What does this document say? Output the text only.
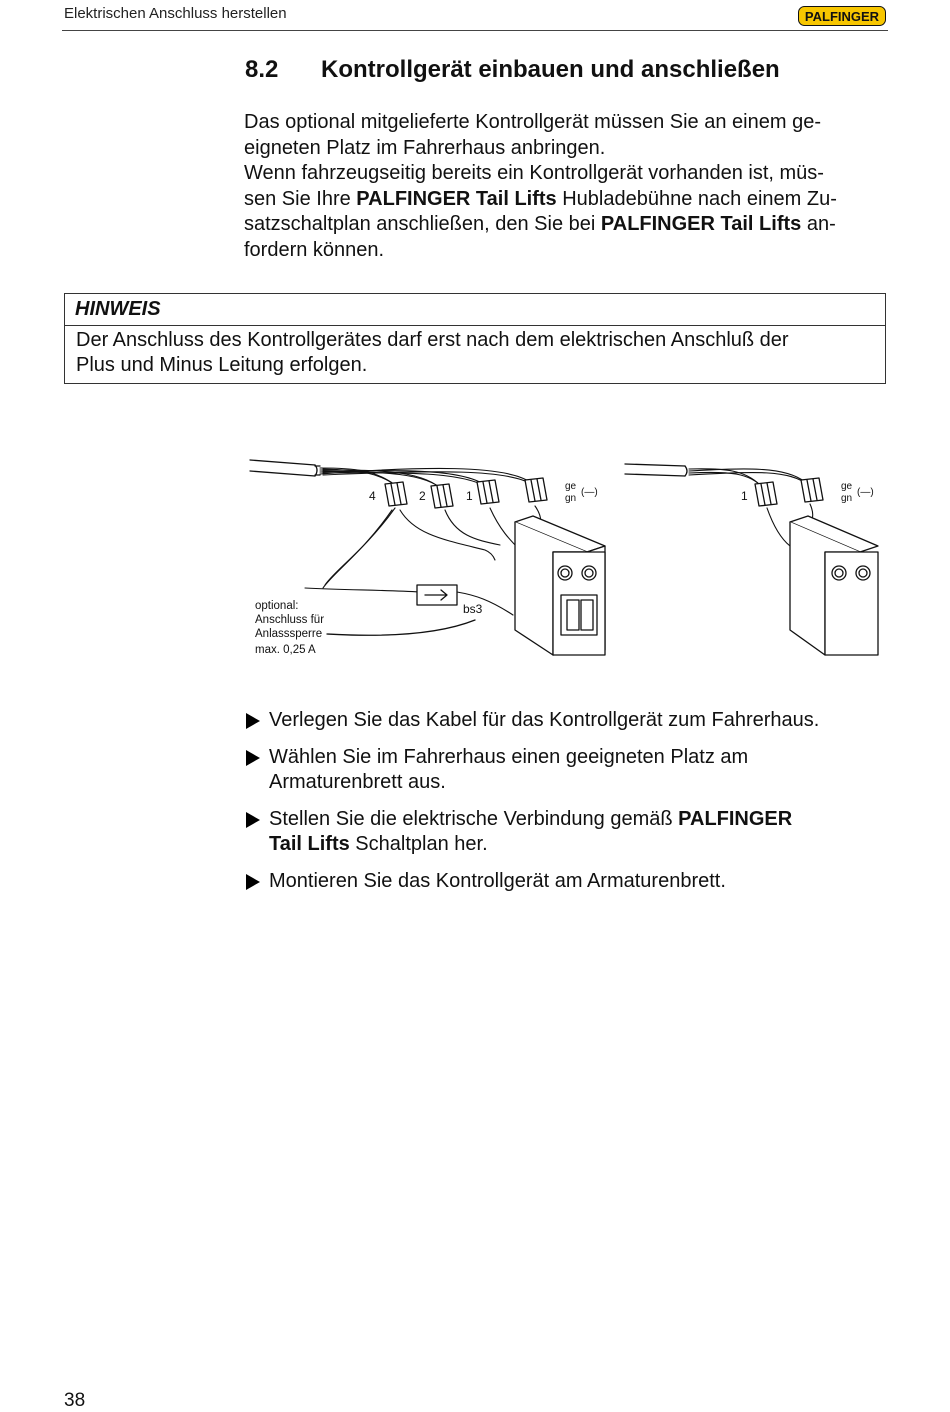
Elektrischen Anschluss herstellen	PALFINGER
8.2 Kontrollgerät einbauen und anschließen

Das optional mitgelieferte Kontrollgerät müssen Sie an einem ge-
eigneten Platz im Fahrerhaus anbringen.

Wenn fahrzeugseitig bereits ein Kontrollgerät vorhanden ist, müs-
sen Sie Ihre PALFINGER Tail Lifts Hubladebühne nach einem Zu-
satzschaltplan anschließen, den Sie bei PALFINGER Tail Lifts an-
fordern können.

HINWEIS
Der Anschluss des Kontrollgerätes darf erst nach dem elektrischen Anschluß der
Plus und Minus Leitung erfolgen.
4	2	1
ge
gn
(—)
bs3
optional:
Anschluss für
Anlasssperre
max. 0,25 A
1
ge
gn
(—)
Verlegen Sie das Kabel für das Kontrollgerät zum Fahrerhaus.
Wählen Sie im Fahrerhaus einen geeigneten Platz am
Armaturenbrett aus.
Stellen Sie die elektrische Verbindung gemäß PALFINGER
Tail Lifts Schaltplan her.
Montieren Sie das Kontrollgerät am Armaturenbrett.
38
